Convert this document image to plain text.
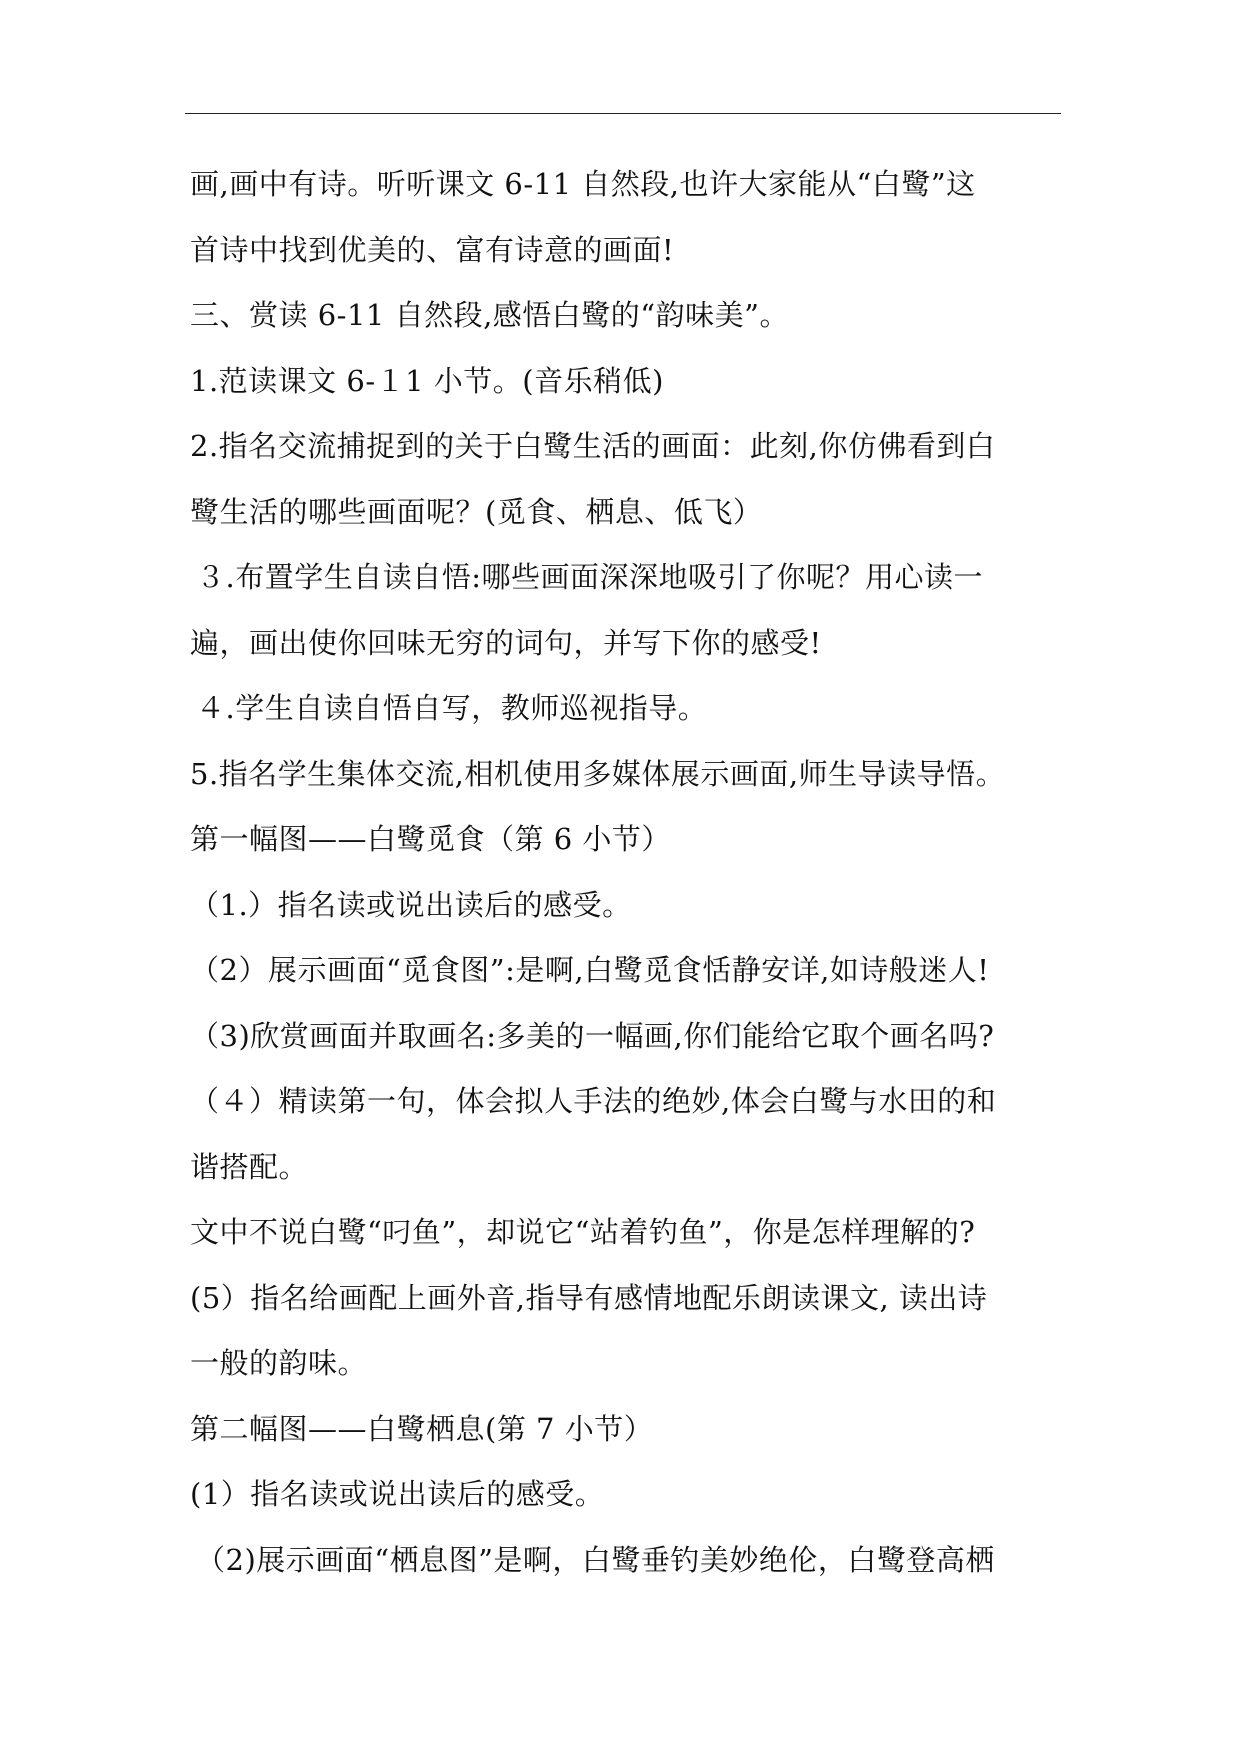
画,画中有诗。听听课文 6-11 自然段,也许大家能从“白鹭”这
首诗中找到优美的、富有诗意的画面!
三、赏读 6-11 自然段,感悟白鹭的“韵味美”。
1.范读课文 6-１1 小节。(音乐稍低)
2.指名交流捕捉到的关于白鹭生活的画面：此刻,你仿佛看到白
鹭生活的哪些画面呢？(觅食、栖息、低飞）
３.布置学生自读自悟:哪些画面深深地吸引了你呢？用心读一
遍，画出使你回味无穷的词句，并写下你的感受!
４.学生自读自悟自写，教师巡视指导。
5.指名学生集体交流,相机使用多媒体展示画面,师生导读导悟。
第一幅图——白鹭觅食（第 6 小节）
（1.）指名读或说出读后的感受。
（2）展示画面“觅食图”:是啊,白鹭觅食恬静安详,如诗般迷人!
（3)欣赏画面并取画名:多美的一幅画,你们能给它取个画名吗?
（４）精读第一句，体会拟人手法的绝妙,体会白鹭与水田的和
谐搭配。
文中不说白鹭“叼鱼”，却说它“站着钓鱼”，你是怎样理解的?
(5）指名给画配上画外音,指导有感情地配乐朗读课文, 读出诗
一般的韵味。
第二幅图——白鹭栖息(第 7 小节）
(1）指名读或说出读后的感受。
（2)展示画面“栖息图”是啊，白鹭垂钓美妙绝伦，白鹭登高栖
